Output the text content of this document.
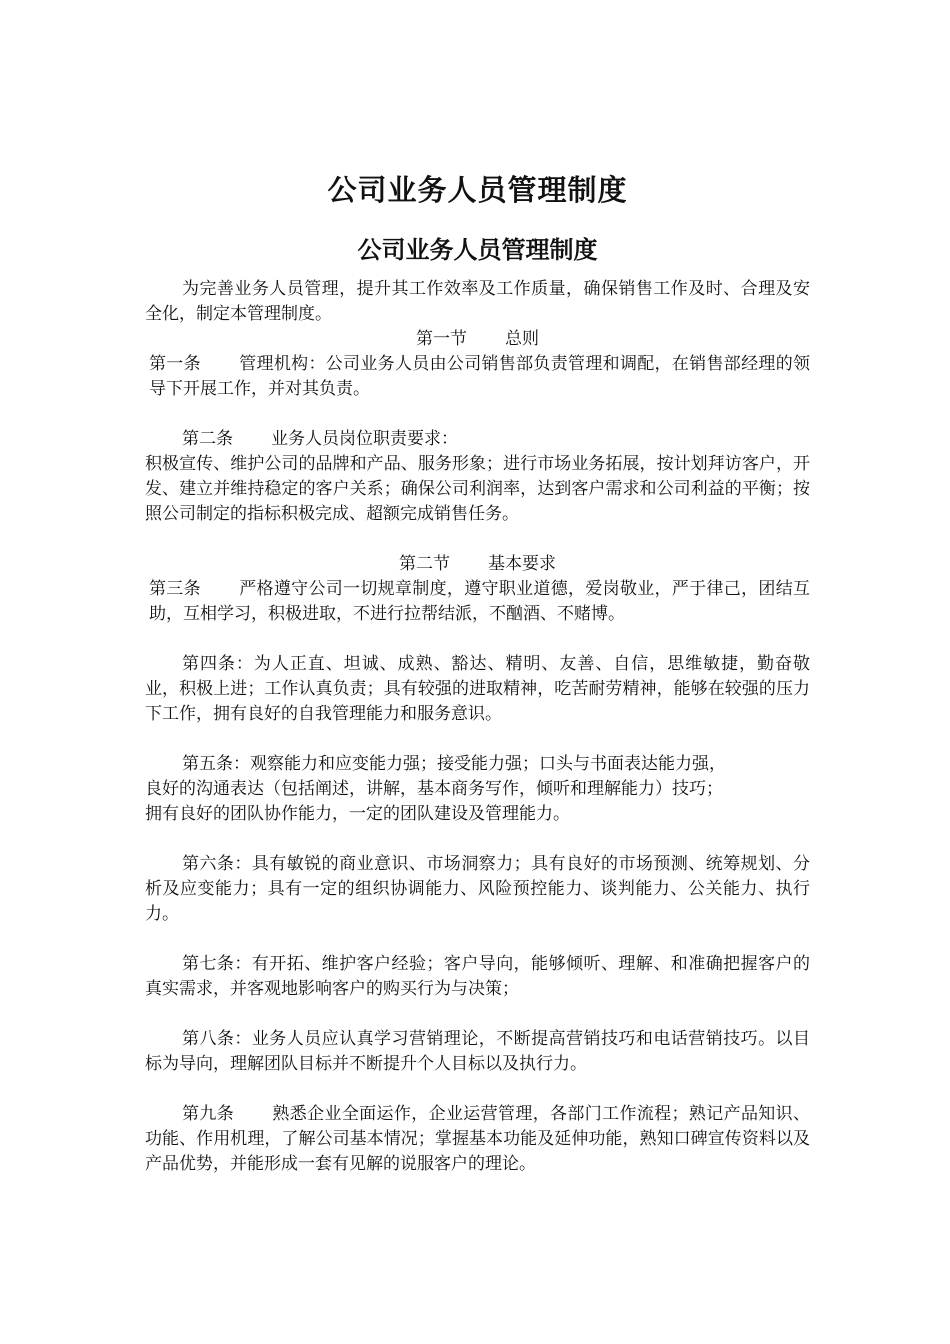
公司业务人员管理制度
公司业务人员管理制度

为完善业务人员管理，提升其工作效率及工作质量，确保销售工作及时、合理及安全化，制定本管理制度。

第一节 总则

第一条 管理机构：公司业务人员由公司销售部负责管理和调配，在销售部经理的领导下开展工作，并对其负责。

第二条 业务人员岗位职责要求：

积极宣传、维护公司的品牌和产品、服务形象；进行市场业务拓展，按计划拜访客户，开发、建立并维持稳定的客户关系；确保公司利润率，达到客户需求和公司利益的平衡；按照公司制定的指标积极完成、超额完成销售任务。

第二节 基本要求

第三条 严格遵守公司一切规章制度，遵守职业道德，爱岗敬业，严于律己，团结互助，互相学习，积极进取，不进行拉帮结派，不酗酒、不赌博。

第四条：为人正直、坦诚、成熟、豁达、精明、友善、自信，思维敏捷，勤奋敬业，积极上进；工作认真负责；具有较强的进取精神，吃苦耐劳精神，能够在较强的压力下工作，拥有良好的自我管理能力和服务意识。

第五条：观察能力和应变能力强；接受能力强；口头与书面表达能力强，

良好的沟通表达（包括阐述，讲解，基本商务写作，倾听和理解能力）技巧；

拥有良好的团队协作能力，一定的团队建设及管理能力。

第六条：具有敏锐的商业意识、市场洞察力；具有良好的市场预测、统筹规划、分析及应变能力；具有一定的组织协调能力、风险预控能力、谈判能力、公关能力、执行力。

第七条：有开拓、维护客户经验；客户导向，能够倾听、理解、和准确把握客户的真实需求，并客观地影响客户的购买行为与决策；

第八条：业务人员应认真学习营销理论，不断提高营销技巧和电话营销技巧。以目标为导向，理解团队目标并不断提升个人目标以及执行力。

第九条 熟悉企业全面运作，企业运营管理，各部门工作流程；熟记产品知识、功能、作用机理，了解公司基本情况；掌握基本功能及延伸功能，熟知口碑宣传资料以及产品优势，并能形成一套有见解的说服客户的理论。
